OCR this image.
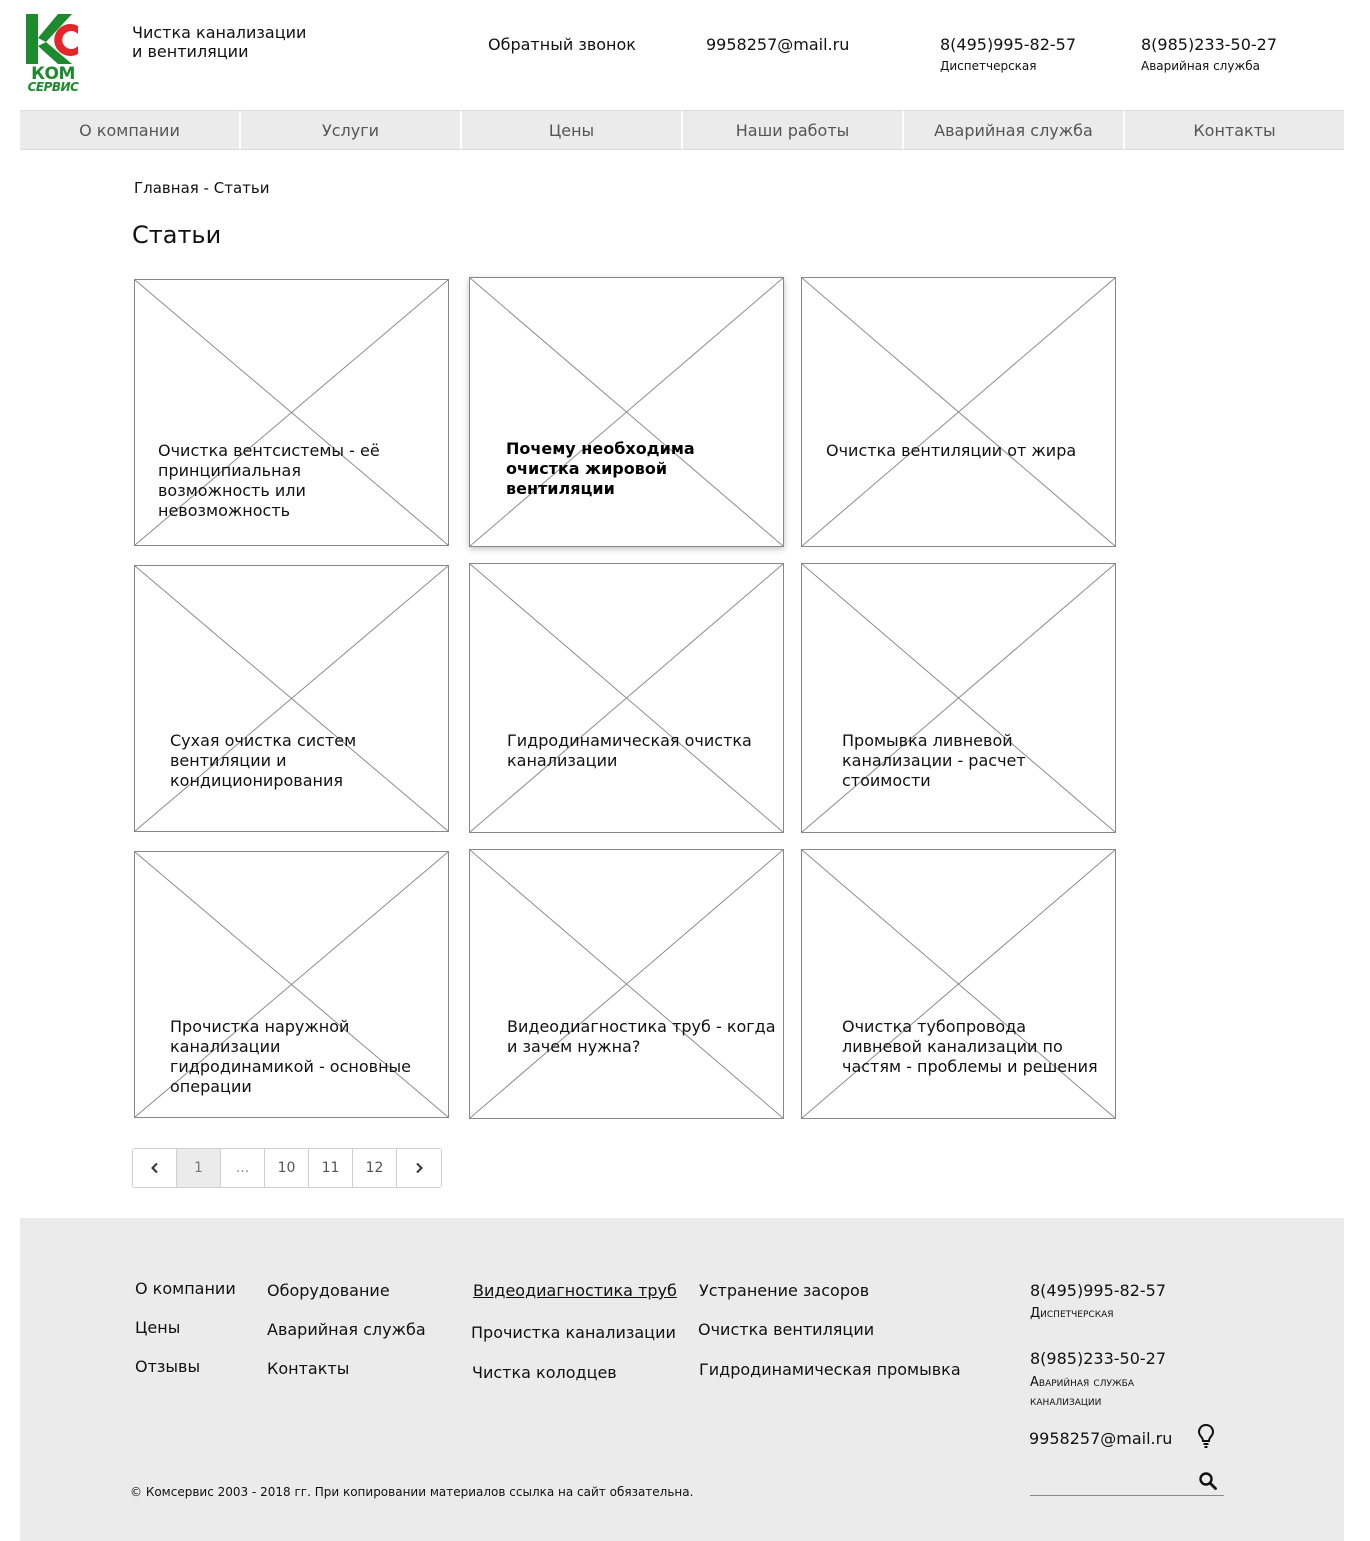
КОМ
СЕРВИС
Чистка канализации
и вентиляции	Обратный звонок	9958257@mail.ru	8(495)995-82-57
Диспетчерская
8(985)233-50-27
Аварийная служба
О компании	Услуги	Цены	Наши работы	Аварийная служба	Контакты
Главная - Статьи
Статьи
Очистка вентсистемы - её принципиальная возможность или невозможность
Почему необходима очистка жировой вентиляции
Очистка вентиляции от жира
Сухая очистка систем вентиляции и кондиционирования
Гидродинамическая очистка канализации
Промывка ливневой канализации - расчет стоимости
Прочистка наружной канализации гидродинамикой - основные операции
Видеодиагностика труб - когда и зачем нужна?
Очистка тубопровода ливневой канализации по частям - проблемы и решения
1	...	10	11	12
О компании
Цены
Отзывы
Оборудование
Аварийная служба
Контакты
Видеодиагностика труб
Прочистка канализации
Чистка колодцев
Устранение засоров
Очистка вентиляции
Гидродинамическая промывка
8(495)995-82-57
Диспетчерская
8(985)233-50-27
Аварийная служба
канализации
9958257@mail.ru
© Комсервис 2003 - 2018 гг. При копировании материалов ссылка на сайт обязательна.
